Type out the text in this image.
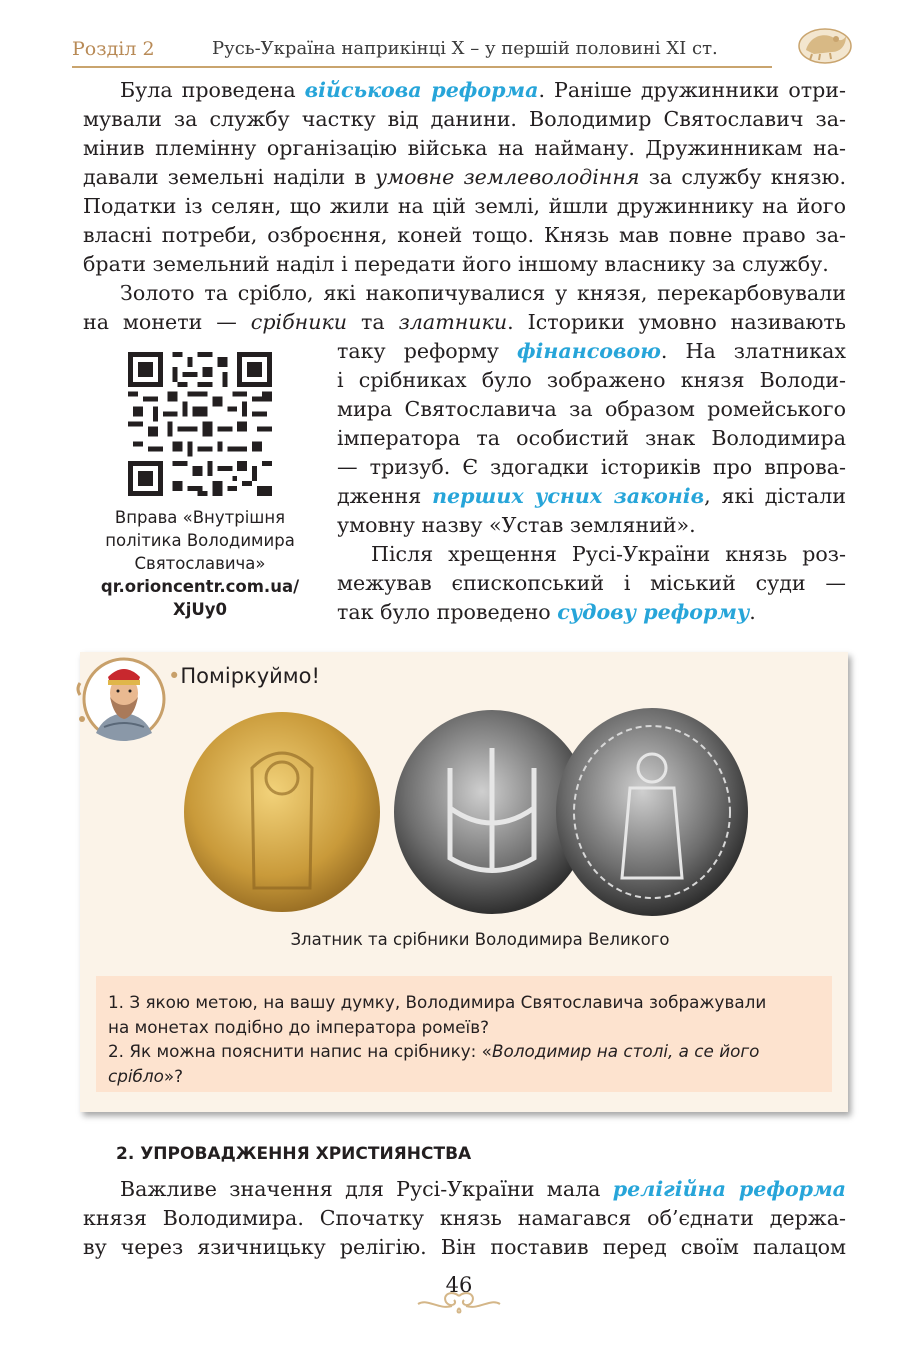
Розділ 2	Русь-Україна наприкінці Х – у першій половині ХІ ст.
Була проведена військова реформа. Раніше дружинники отри-
мували за службу частку від данини. Володимир Святославич за-
мінив племінну організацію війська на найману. Дружинникам на-
давали земельні наділи в умовне землеволодіння за службу князю.
Податки із селян, що жили на цій землі, йшли дружиннику на його
власні потреби, озброєння, коней тощо. Князь мав повне право за-
брати земельний наділ і передати його іншому власнику за службу.
Золото та срібло, які накопичувалися у князя, перекарбовували
на монети — срібники та златники. Історики умовно називають
таку реформу фінансовою. На златниках
і срібниках було зображено князя Володи-
мира Святославича за образом ромейського
імператора та особистий знак Володимира
— тризуб. Є здогадки істориків про впрова-
дження перших усних законів, які дістали
умовну назву «Устав земляний».
Після хрещення Русі-України князь роз-
межував єпископський і міський суди —
так було проведено судову реформу.
Вправа «Внутрішня
політика Володимира
Святославича»
qr.orioncentr.com.ua/
XjUy0
•Поміркуймо!
Златник та срібники Володимира Великого
1. З якою метою, на вашу думку, Володимира Святославича зображували
на монетах подібно до імператора ромеїв?
2. Як можна пояснити напис на срібнику: «Володимир на столі, а се його
срібло»?
2. УПРОВАДЖЕННЯ ХРИСТИЯНСТВА
Важливе значення для Русі-України мала релігійна реформа
князя Володимира. Спочатку князь намагався об’єднати держа-
ву через язичницьку релігію. Він поставив перед своїм палацом
46
